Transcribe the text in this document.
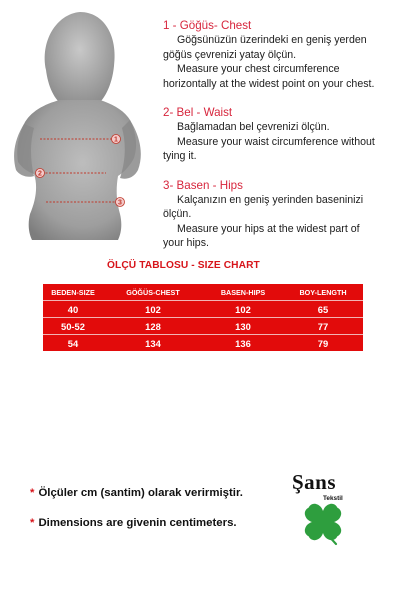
1
2
3
1 - Göğüs- Chest
Göğsünüzün üzerindeki en geniş yerden
göğüs çevrenizi yatay ölçün.
Measure your chest circumference
horizontally at the widest point on your chest.
2- Bel - Waist
Bağlamadan bel çevrenizi ölçün.
Measure your waist circumference without
tying it.
3- Basen - Hips
Kalçanızın en geniş yerinden baseninizi
ölçün.
Measure your hips at the widest part of
your hips.
ÖLÇÜ TABLOSU - SIZE CHART
BEDEN-SIZE	GÖĞÜS-CHEST	BASEN-HIPS	BOY-LENGTH
40	102	102	65
50-52	128	130	77
54	134	136	79
* Ölçüler cm (santim) olarak verirmiştir.
* Dimensions are givenin centimeters.
Şans
Tekstil
